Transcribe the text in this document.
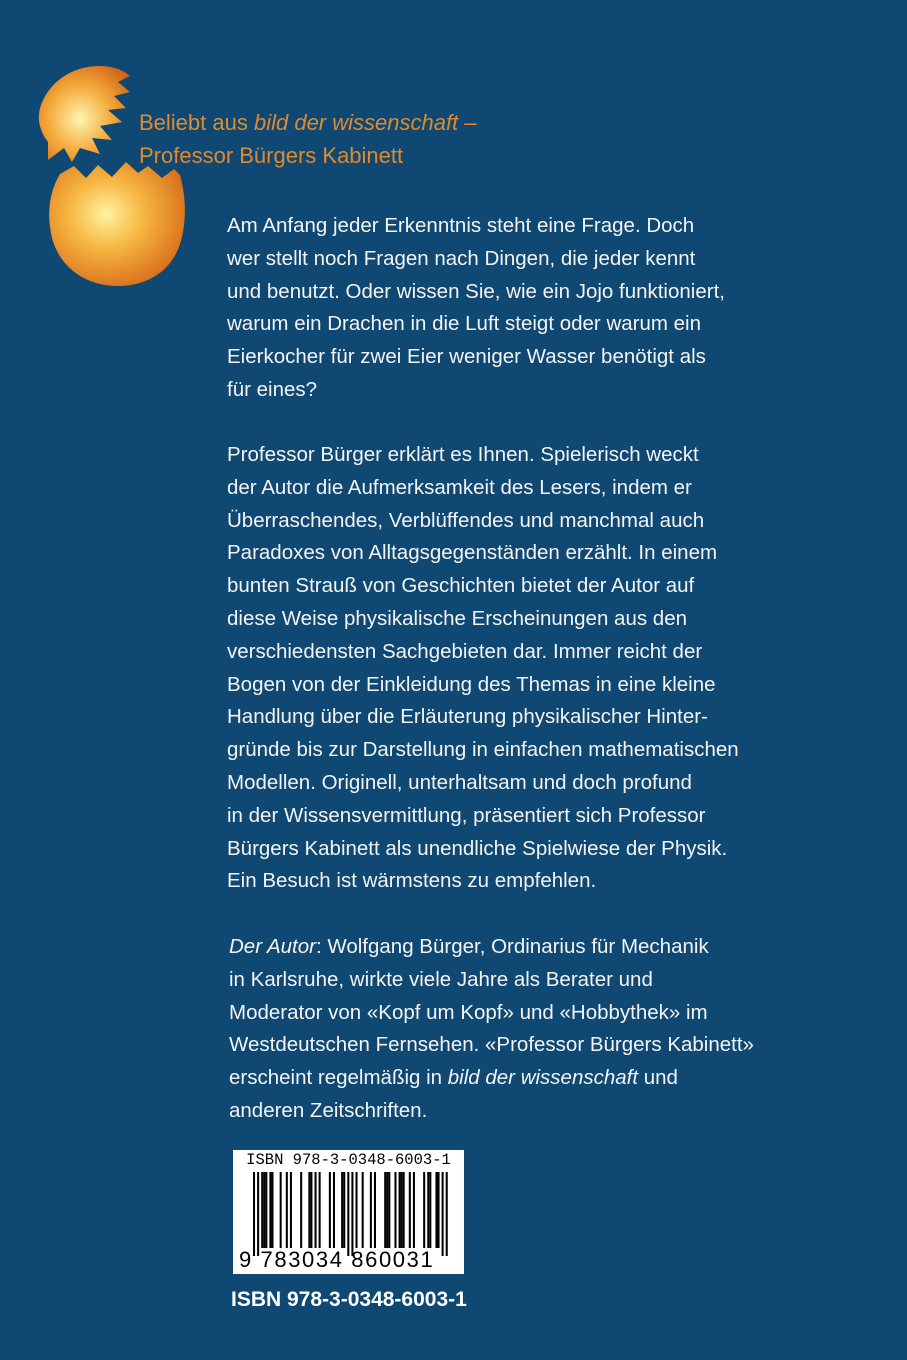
Beliebt aus bild der wissenschaft –
Professor Bürgers Kabinett

Am Anfang jeder Erkenntnis steht eine Frage. Doch
wer stellt noch Fragen nach Dingen, die jeder kennt
und benutzt. Oder wissen Sie, wie ein Jojo funktioniert,
warum ein Drachen in die Luft steigt oder warum ein
Eierkocher für zwei Eier weniger Wasser benötigt als
für eines?

Professor Bürger erklärt es Ihnen. Spielerisch weckt
der Autor die Aufmerksamkeit des Lesers, indem er
Überraschendes, Verblüffendes und manchmal auch
Paradoxes von Alltagsgegenständen erzählt. In einem
bunten Strauß von Geschichten bietet der Autor auf
diese Weise physikalische Erscheinungen aus den
verschiedensten Sachgebieten dar. Immer reicht der
Bogen von der Einkleidung des Themas in eine kleine
Handlung über die Erläuterung physikalischer Hinter-
gründe bis zur Darstellung in einfachen mathematischen
Modellen. Originell, unterhaltsam und doch profund
in der Wissensvermittlung, präsentiert sich Professor
Bürgers Kabinett als unendliche Spielwiese der Physik.
Ein Besuch ist wärmstens zu empfehlen.

Der Autor: Wolfgang Bürger, Ordinarius für Mechanik
in Karlsruhe, wirkte viele Jahre als Berater und
Moderator von «Kopf um Kopf» und «Hobbythek» im
Westdeutschen Fernsehen. «Professor Bürgers Kabinett»
erscheint regelmäßig in bild der wissenschaft und
anderen Zeitschriften.

ISBN 978-3-0348-6003-1
9 783034 860031
ISBN 978-3-0348-6003-1
